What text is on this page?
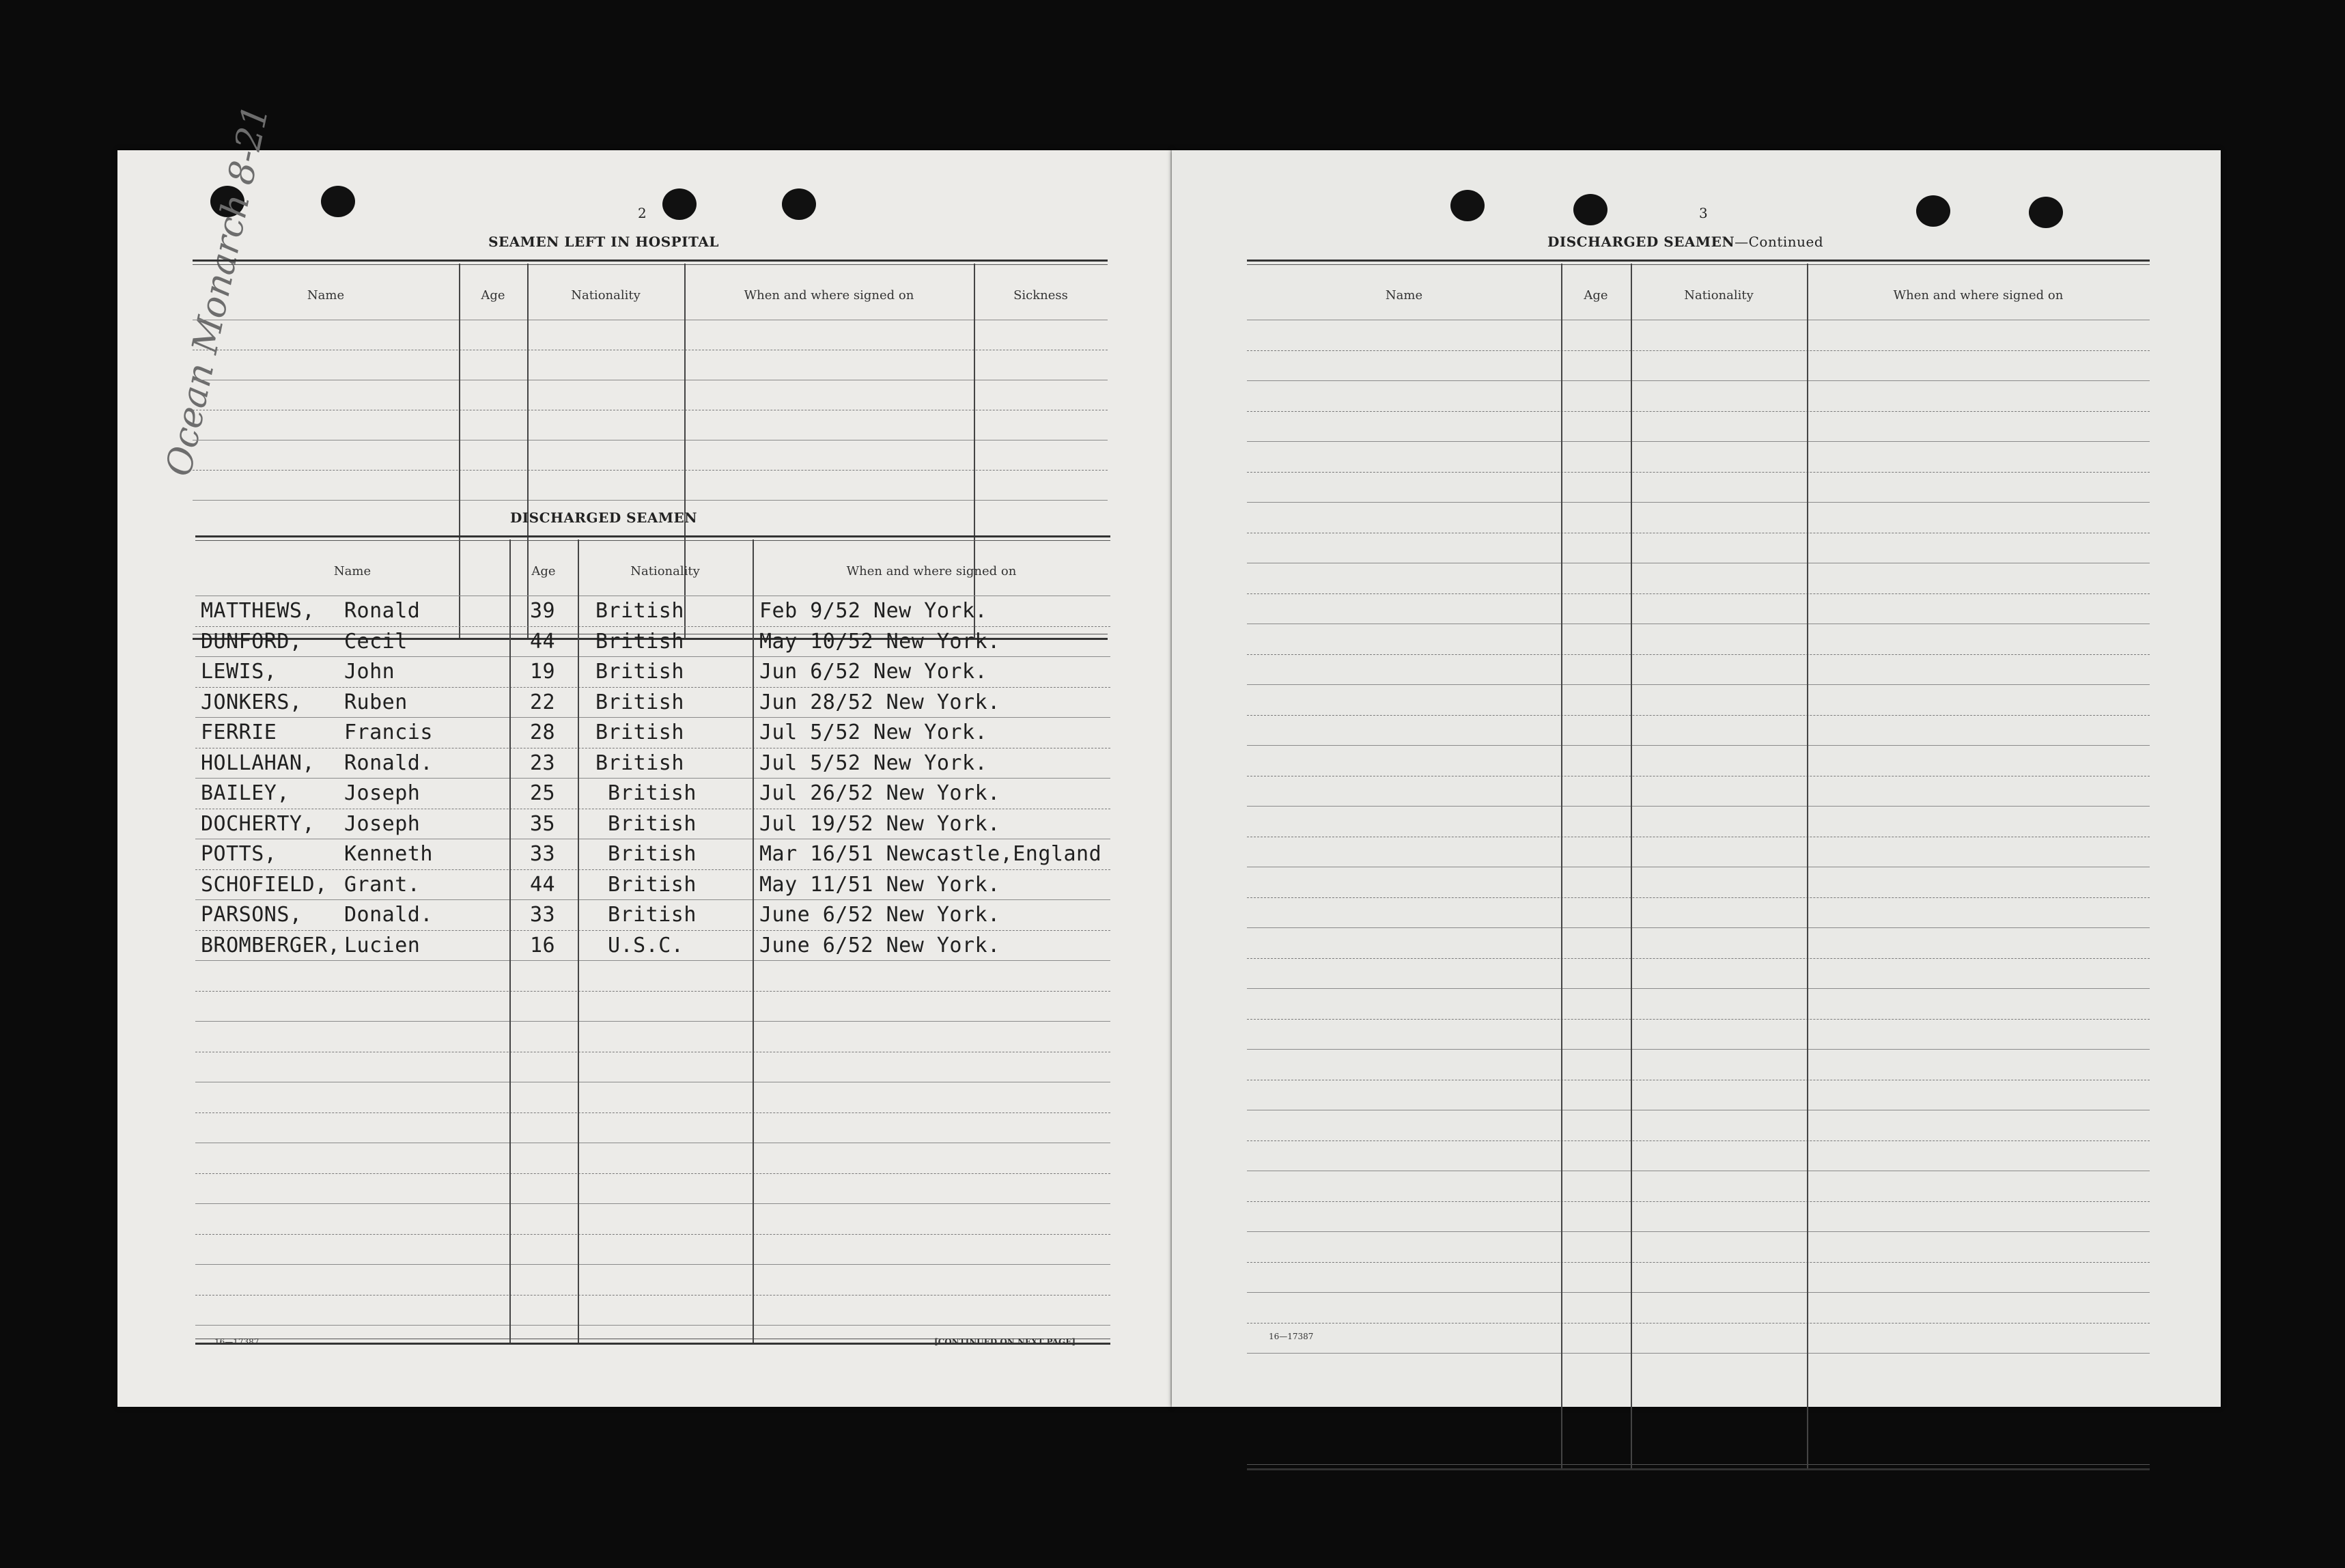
Ocean Monarch 8-21	2
SEAMEN LEFT IN HOSPITAL
Name	Age	Nationality	When and where signed on	Sickness
DISCHARGED SEAMEN
Name	Age	Nationality	When and where signed on
MATTHEWS, Ronald	39 British	Feb 9/52 New York.
DUNFORD, Cecil	44 British	May 10/52 New York.
LEWIS,	John	19 British	Jun 6/52 New York.
JONKERS, Ruben	22 British	Jun 28/52 New York.
FERRIE	Francis	28 British	Jul 5/52 New York.
HOLLAHAN, Ronald.	23 British	Jul 5/52 New York.
BAILEY,	Joseph	25	British	Jul 26/52 New York.
DOCHERTY, Joseph	35	British	Jul 19/52 New York.
POTTS,	Kenneth	33	British	Mar 16/51 Newcastle,England
SCHOFIELD, Grant.	44	British	May 11/51 New York.
PARSONS, Donald.	33	British	June 6/52 New York.
BROMBERGER, Lucien	16	U.S.C.	June 6/52 New York.
16—17387	[CONTINUED ON NEXT PAGE]
3
DISCHARGED SEAMEN—Continued
Name	Age	Nationality	When and where signed on
16—17387
